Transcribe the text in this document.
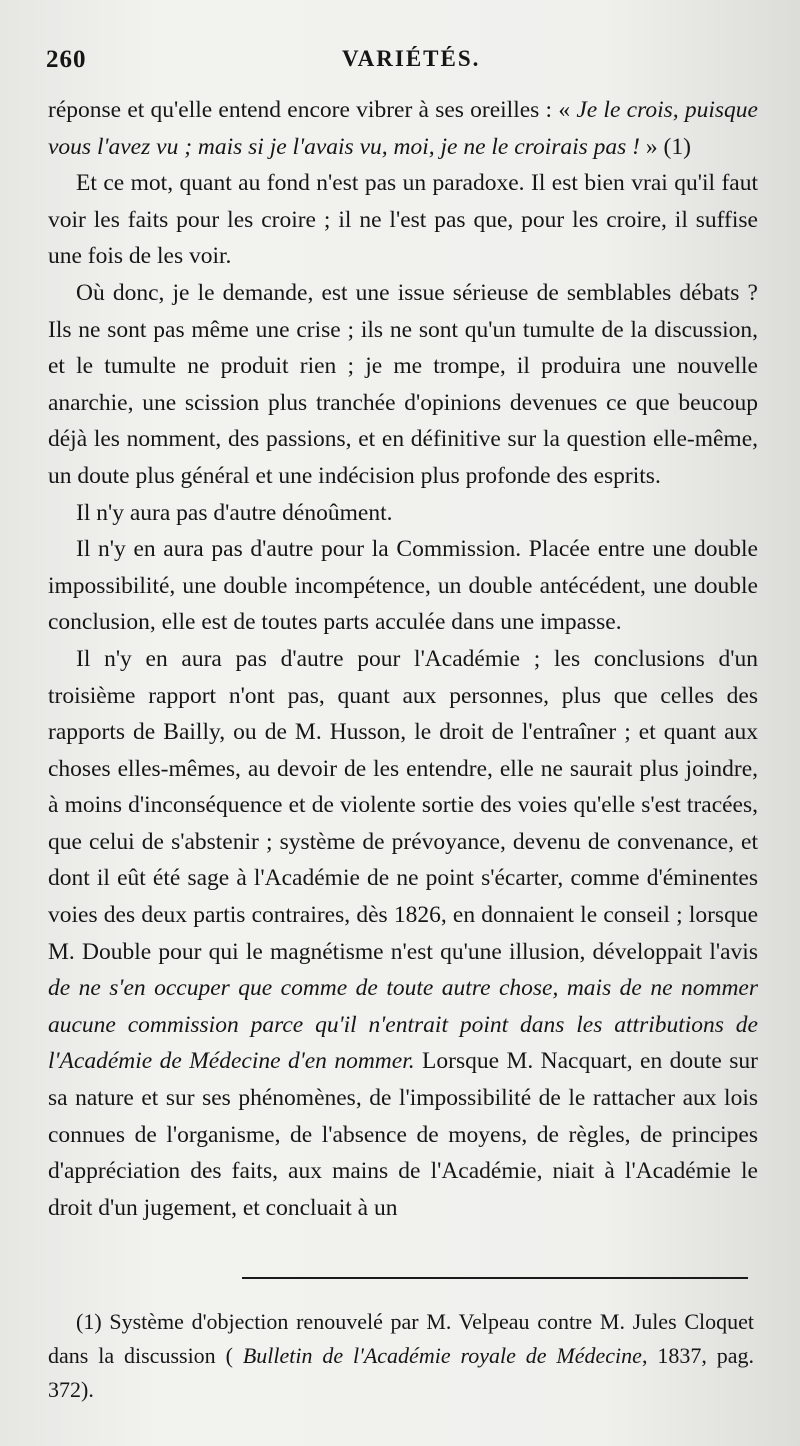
260	VARIÉTÉS.

réponse et qu'elle entend encore vibrer à ses oreilles : « Je le crois, puisque vous l'avez vu ; mais si je l'avais vu, moi, je ne le croirais pas ! » (1)

Et ce mot, quant au fond n'est pas un paradoxe. Il est bien vrai qu'il faut voir les faits pour les croire ; il ne l'est pas que, pour les croire, il suffise une fois de les voir.

Où donc, je le demande, est une issue sérieuse de semblables débats ? Ils ne sont pas même une crise ; ils ne sont qu'un tumulte de la discussion, et le tumulte ne produit rien ; je me trompe, il produira une nouvelle anarchie, une scission plus tranchée d'opinions devenues ce que beucoup déjà les nomment, des passions, et en définitive sur la question elle-même, un doute plus général et une indécision plus profonde des esprits.

Il n'y aura pas d'autre dénoûment.

Il n'y en aura pas d'autre pour la Commission. Placée entre une double impossibilité, une double incompétence, un double antécédent, une double conclusion, elle est de toutes parts acculée dans une impasse.

Il n'y en aura pas d'autre pour l'Académie ; les conclusions d'un troisième rapport n'ont pas, quant aux personnes, plus que celles des rapports de Bailly, ou de M. Husson, le droit de l'entraîner ; et quant aux choses elles-mêmes, au devoir de les entendre, elle ne saurait plus joindre, à moins d'inconséquence et de violente sortie des voies qu'elle s'est tracées, que celui de s'abstenir ; système de prévoyance, devenu de convenance, et dont il eût été sage à l'Académie de ne point s'écarter, comme d'éminentes voies des deux partis contraires, dès 1826, en donnaient le conseil ; lorsque M. Double pour qui le magnétisme n'est qu'une illusion, développait l'avis de ne s'en occuper que comme de toute autre chose, mais de ne nommer aucune commission parce qu'il n'entrait point dans les attributions de l'Académie de Médecine d'en nommer. Lorsque M. Nacquart, en doute sur sa nature et sur ses phénomènes, de l'impossibilité de le rattacher aux lois connues de l'organisme, de l'absence de moyens, de règles, de principes d'appréciation des faits, aux mains de l'Académie, niait à l'Académie le droit d'un jugement, et concluait à un

(1) Système d'objection renouvelé par M. Velpeau contre M. Jules Cloquet dans la discussion ( Bulletin de l'Académie royale de Médecine, 1837, pag. 372).
